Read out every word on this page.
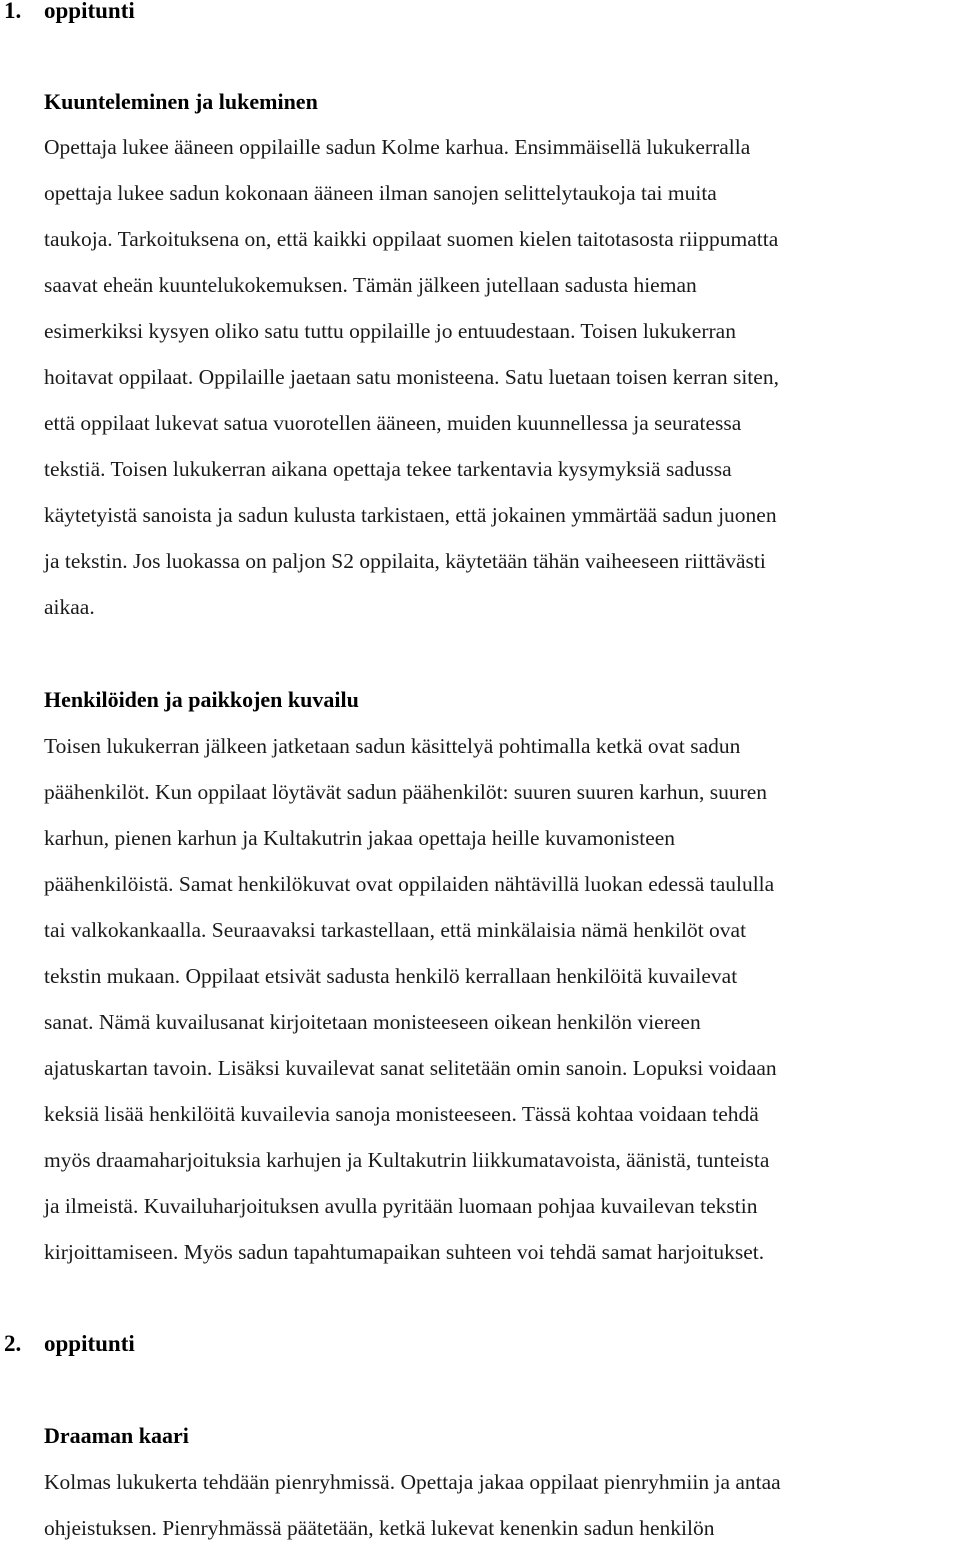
1. oppitunti
Kuunteleminen ja lukeminen

Opettaja lukee ääneen oppilaille sadun Kolme karhua. Ensimmäisellä lukukerralla
opettaja lukee sadun kokonaan ääneen ilman sanojen selittelytaukoja tai muita
taukoja. Tarkoituksena on, että kaikki oppilaat suomen kielen taitotasosta riippumatta
saavat eheän kuuntelukokemuksen. Tämän jälkeen jutellaan sadusta hieman
esimerkiksi kysyen oliko satu tuttu oppilaille jo entuudestaan. Toisen lukukerran
hoitavat oppilaat. Oppilaille jaetaan satu monisteena. Satu luetaan toisen kerran siten,
että oppilaat lukevat satua vuorotellen ääneen, muiden kuunnellessa ja seuratessa
tekstiä. Toisen lukukerran aikana opettaja tekee tarkentavia kysymyksiä sadussa
käytetyistä sanoista ja sadun kulusta tarkistaen, että jokainen ymmärtää sadun juonen
ja tekstin. Jos luokassa on paljon S2 oppilaita, käytetään tähän vaiheeseen riittävästi
aikaa.

Henkilöiden ja paikkojen kuvailu

Toisen lukukerran jälkeen jatketaan sadun käsittelyä pohtimalla ketkä ovat sadun
päähenkilöt. Kun oppilaat löytävät sadun päähenkilöt: suuren suuren karhun, suuren
karhun, pienen karhun ja Kultakutrin jakaa opettaja heille kuvamonisteen
päähenkilöistä. Samat henkilökuvat ovat oppilaiden nähtävillä luokan edessä taululla
tai valkokankaalla. Seuraavaksi tarkastellaan, että minkälaisia nämä henkilöt ovat
tekstin mukaan. Oppilaat etsivät sadusta henkilö kerrallaan henkilöitä kuvailevat
sanat. Nämä kuvailusanat kirjoitetaan monisteeseen oikean henkilön viereen
ajatuskartan tavoin. Lisäksi kuvailevat sanat selitetään omin sanoin. Lopuksi voidaan
keksiä lisää henkilöitä kuvailevia sanoja monisteeseen. Tässä kohtaa voidaan tehdä
myös draamaharjoituksia karhujen ja Kultakutrin liikkumatavoista, äänistä, tunteista
ja ilmeistä. Kuvailuharjoituksen avulla pyritään luomaan pohjaa kuvailevan tekstin
kirjoittamiseen. Myös sadun tapahtumapaikan suhteen voi tehdä samat harjoitukset.

2. oppitunti
Draaman kaari

Kolmas lukukerta tehdään pienryhmissä. Opettaja jakaa oppilaat pienryhmiin ja antaa
ohjeistuksen. Pienryhmässä päätetään, ketkä lukevat kenenkin sadun henkilön
